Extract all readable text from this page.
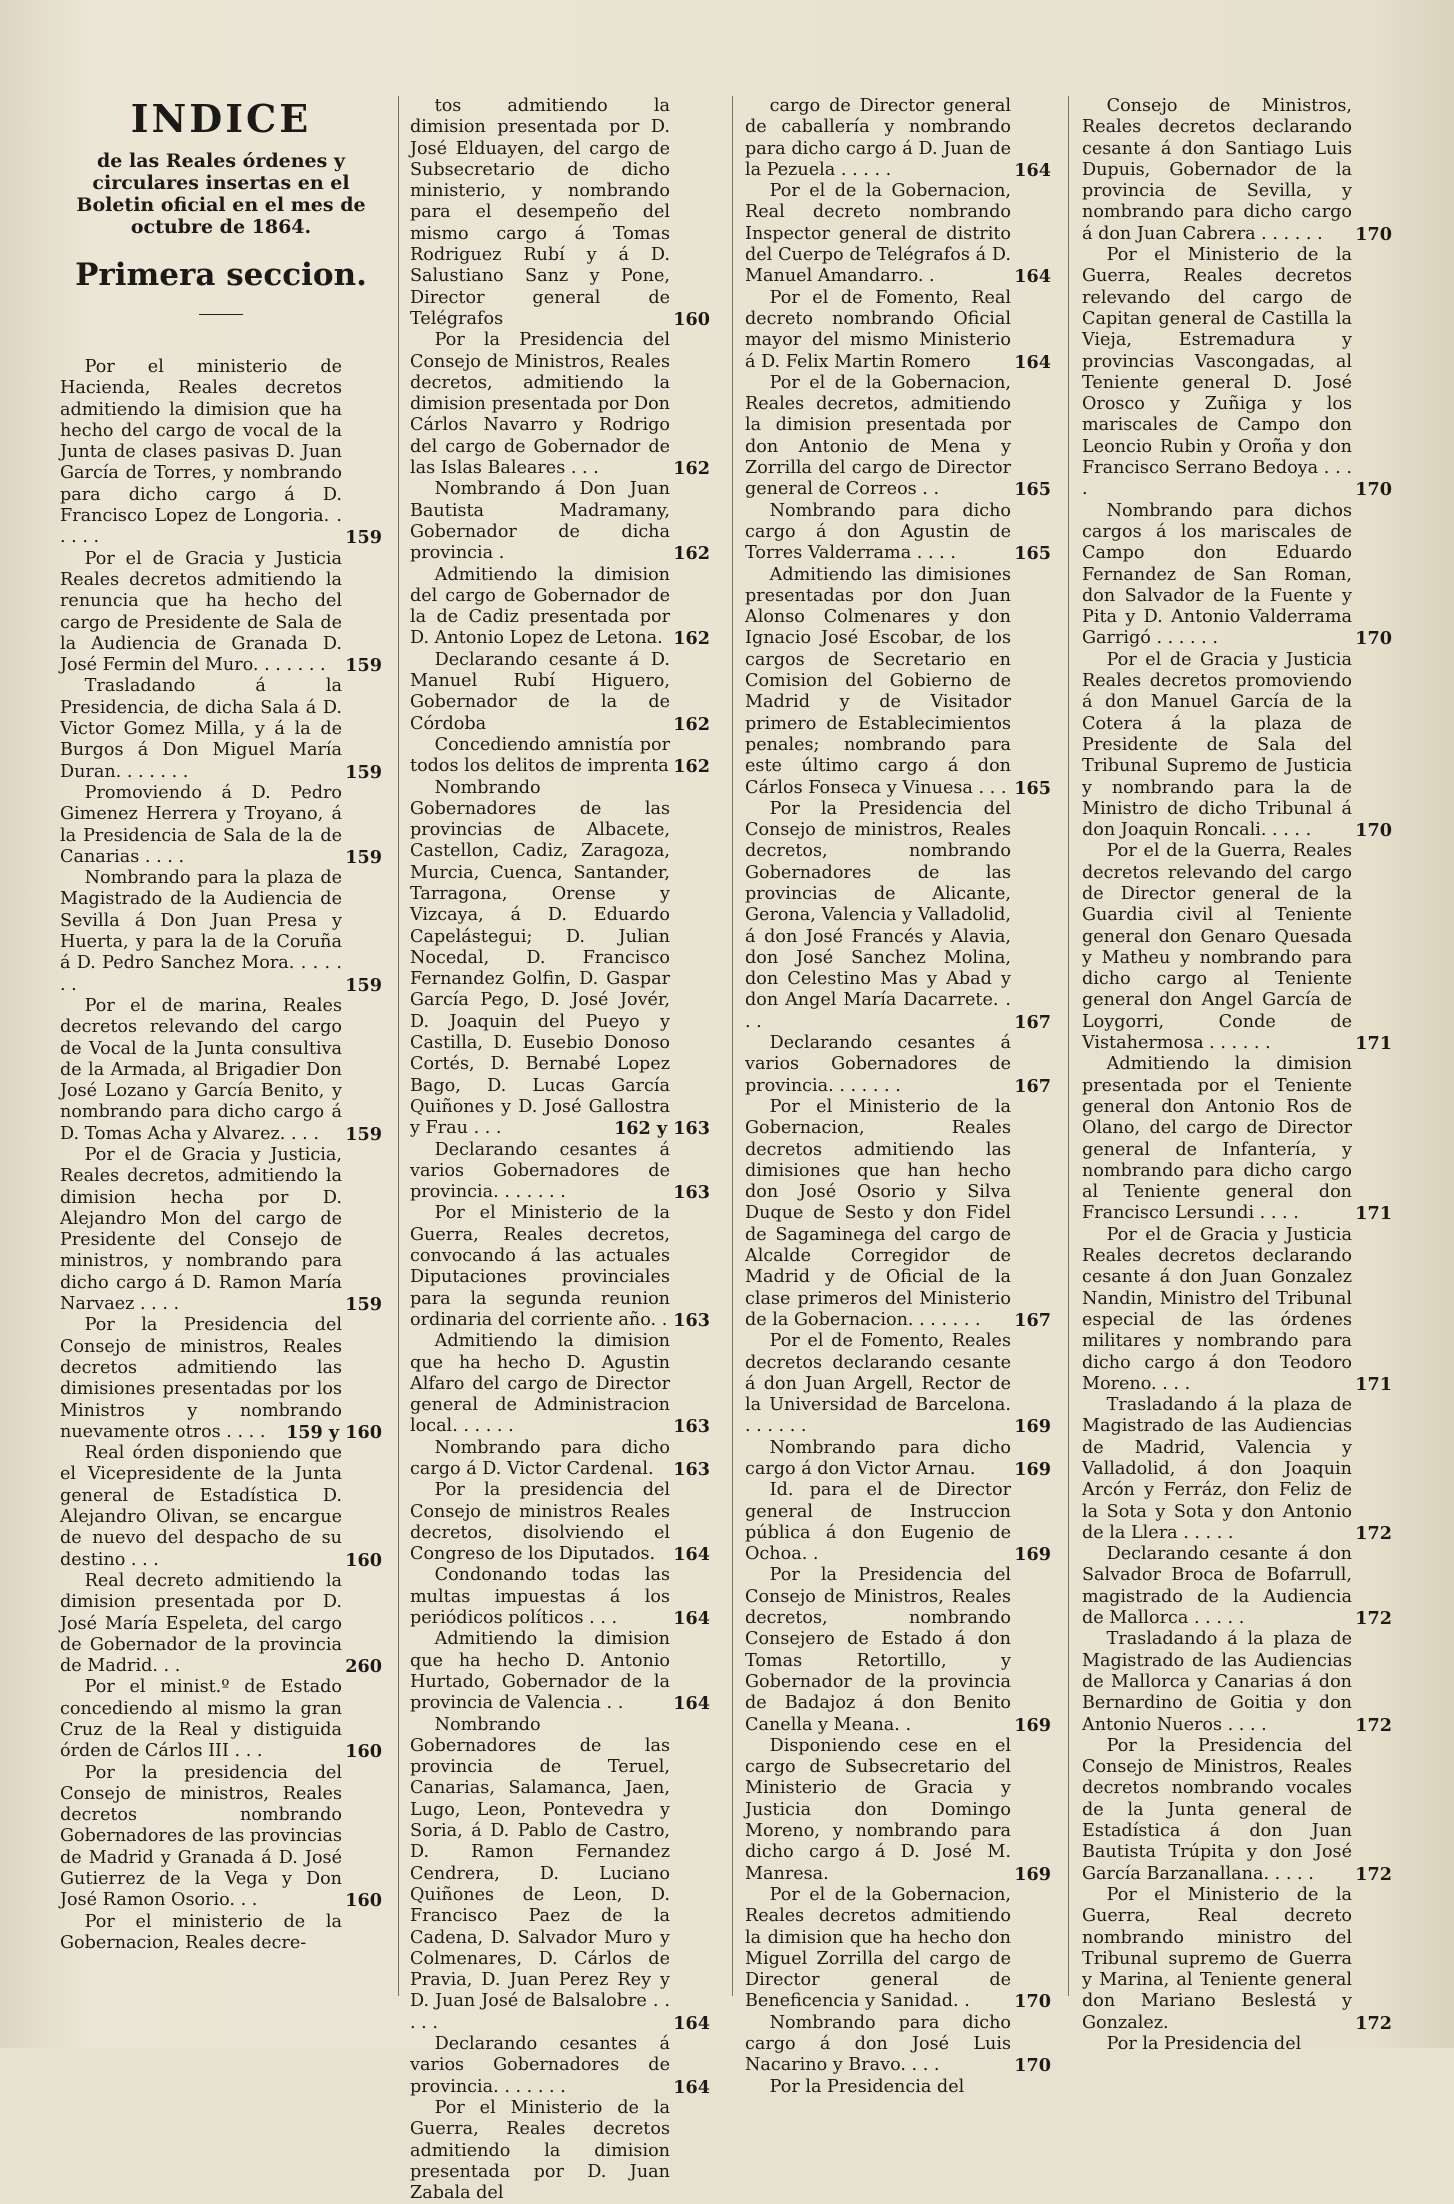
INDICE
de las Reales órdenes y circulares insertas en el Boletin oficial en el mes de octubre de 1864.
Primera seccion.
Por el ministerio de Hacienda, Reales decretos admitiendo la dimision que ha hecho del cargo de vocal de la Junta de clases pasivas D. Juan García de Torres, y nombrando para dicho cargo á D. Francisco Lopez de Longoria. . . . . .	159
Por el de Gracia y Justicia Reales decretos admitiendo la renuncia que ha hecho del cargo de Presidente de Sala de la Audiencia de Granada D. José Fermin del Muro. . . . . . .	159
Trasladando á la Presidencia, de dicha Sala á D. Victor Gomez Milla, y á la de Burgos á Don Miguel María Duran. . . . . . .	159
Promoviendo á D. Pedro Gimenez Herrera y Troyano, á la Presidencia de Sala de la de Canarias . . . .	159
Nombrando para la plaza de Magistrado de la Audiencia de Sevilla á Don Juan Presa y Huerta, y para la de la Coruña á D. Pedro Sanchez Mora. . . . . . .	159
Por el de marina, Reales decretos relevando del cargo de Vocal de la Junta consultiva de la Armada, al Brigadier Don José Lozano y García Benito, y nombrando para dicho cargo á D. Tomas Acha y Alvarez. . . .	159
Por el de Gracia y Justicia, Reales decretos, admitiendo la dimision hecha por D. Alejandro Mon del cargo de Presidente del Consejo de ministros, y nombrando para dicho cargo á D. Ramon María Narvaez . . . .	159
Por la Presidencia del Consejo de ministros, Reales decretos admitiendo las dimisiones presentadas por los Ministros y nombrando nuevamente otros . . . .	159 y 160
Real órden disponiendo que el Vicepresidente de la Junta general de Estadística D. Alejandro Olivan, se encargue de nuevo del despacho de su destino . . .	160
Real decreto admitiendo la dimision presentada por D. José María Espeleta, del cargo de Gobernador de la provincia de Madrid. . .	260
Por el minist.º de Estado concediendo al mismo la gran Cruz de la Real y distiguida órden de Cárlos III . . .	160
Por la presidencia del Consejo de ministros, Reales decretos nombrando Gobernadores de las provincias de Madrid y Granada á D. José Gutierrez de la Vega y Don José Ramon Osorio. . .	160
Por el ministerio de la Gobernacion, Reales decre-
tos admitiendo la dimision presentada por D. José Elduayen, del cargo de Subsecretario de dicho ministerio, y nombrando para el desempeño del mismo cargo á Tomas Rodriguez Rubí y á D. Salustiano Sanz y Pone, Director general de Telégrafos	160
Por la Presidencia del Consejo de Ministros, Reales decretos, admitiendo la dimision presentada por Don Cárlos Navarro y Rodrigo del cargo de Gobernador de las Islas Baleares . . .	162
Nombrando á Don Juan Bautista Madramany, Gobernador de dicha provincia .	162
Admitiendo la dimision del cargo de Gobernador de la de Cadiz presentada por D. Antonio Lopez de Letona. 162
Declarando cesante á D. Manuel Rubí Higuero, Gobernador de la de Córdoba	162
Concediendo amnistía por todos los delitos de imprenta 162
Nombrando Gobernadores de las provincias de Albacete, Castellon, Cadiz, Zaragoza, Murcia, Cuenca, Santander, Tarragona, Orense y Vizcaya, á D. Eduardo Capelástegui; D. Julian Nocedal, D. Francisco Fernandez Golfin, D. Gaspar García Pego, D. José Jovér, D. Joaquin del Pueyo y Castilla, D. Eusebio Donoso Cortés, D. Bernabé Lopez Bago, D. Lucas García Quiñones y D. José Gallostra y Frau . . .	162 y 163
Declarando cesantes á varios Gobernadores de provincia. . . . . . .	163
Por el Ministerio de la Guerra, Reales decretos, convocando á las actuales Diputaciones provinciales para la segunda reunion ordinaria del corriente año. . 163
Admitiendo la dimision que ha hecho D. Agustin Alfaro del cargo de Director general de Administracion local. . . . . .	163
Nombrando para dicho cargo á D. Victor Cardenal.	163
Por la presidencia del Consejo de ministros Reales decretos, disolviendo el Congreso de los Diputados.	164
Condonando todas las multas impuestas á los periódicos políticos . . .	164
Admitiendo la dimision que ha hecho D. Antonio Hurtado, Gobernador de la provincia de Valencia . .	164
Nombrando Gobernadores de las provincia de Teruel, Canarias, Salamanca, Jaen, Lugo, Leon, Pontevedra y Soria, á D. Pablo de Castro, D. Ramon Fernandez Cendrera, D. Luciano Quiñones de Leon, D. Francisco Paez de la Cadena, D. Salvador Muro y Colmenares, D. Cárlos de Pravia, D. Juan Perez Rey y D. Juan José de Balsalobre . . . . .	164
Declarando cesantes á varios Gobernadores de provincia. . . . . . .	164
Por el Ministerio de la Guerra, Reales decretos admitiendo la dimision presentada por D. Juan Zabala del
cargo de Director general de caballería y nombrando para dicho cargo á D. Juan de la Pezuela . . . . .	164
Por el de la Gobernacion, Real decreto nombrando Inspector general de distrito del Cuerpo de Telégrafos á D. Manuel Amandarro. .	164
Por el de Fomento, Real decreto nombrando Oficial mayor del mismo Ministerio á D. Felix Martin Romero	164
Por el de la Gobernacion, Reales decretos, admitiendo la dimision presentada por don Antonio de Mena y Zorrilla del cargo de Director general de Correos . .	165
Nombrando para dicho cargo á don Agustin de Torres Valderrama . . . .	165
Admitiendo las dimisiones presentadas por don Juan Alonso Colmenares y don Ignacio José Escobar, de los cargos de Secretario en Comision del Gobierno de Madrid y de Visitador primero de Establecimientos penales; nombrando para este último cargo á don Cárlos Fonseca y Vinuesa . . . 165
Por la Presidencia del Consejo de ministros, Reales decretos, nombrando Gobernadores de las provincias de Alicante, Gerona, Valencia y Valladolid, á don José Francés y Alavia, don José Sanchez Molina, don Celestino Mas y Abad y don Angel María Dacarrete. . . .	167
Declarando cesantes á varios Gobernadores de provincia. . . . . . .	167
Por el Ministerio de la Gobernacion, Reales decretos admitiendo las dimisiones que han hecho don José Osorio y Silva Duque de Sesto y don Fidel de Sagaminega del cargo de Alcalde Corregidor de Madrid y de Oficial de la clase primeros del Ministerio de la Gobernacion. . . . . . .	167
Por el de Fomento, Reales decretos declarando cesante á don Juan Argell, Rector de la Universidad de Barcelona. . . . . . .	169
Nombrando para dicho cargo á don Victor Arnau.	169
Id. para el de Director general de Instruccion pública á don Eugenio de Ochoa. .	169
Por la Presidencia del Consejo de Ministros, Reales decretos, nombrando Consejero de Estado á don Tomas Retortillo, y Gobernador de la provincia de Badajoz á don Benito Canella y Meana. .	169
Disponiendo cese en el cargo de Subsecretario del Ministerio de Gracia y Justicia don Domingo Moreno, y nombrando para dicho cargo á D. José M. Manresa.	169
Por el de la Gobernacion, Reales decretos admitiendo la dimision que ha hecho don Miguel Zorrilla del cargo de Director general de Beneficencia y Sanidad. .	170
Nombrando para dicho cargo á don José Luis Nacarino y Bravo. . . .	170
Por la Presidencia del
Consejo de Ministros, Reales decretos declarando cesante á don Santiago Luis Dupuis, Gobernador de la provincia de Sevilla, y nombrando para dicho cargo á don Juan Cabrera . . . . . .	170
Por el Ministerio de la Guerra, Reales decretos relevando del cargo de Capitan general de Castilla la Vieja, Estremadura y provincias Vascongadas, al Teniente general D. José Orosco y Zuñiga y los mariscales de Campo don Leoncio Rubin y Oroña y don Francisco Serrano Bedoya . . . .	170
Nombrando para dichos cargos á los mariscales de Campo don Eduardo Fernandez de San Roman, don Salvador de la Fuente y Pita y D. Antonio Valderrama Garrigó . . . . . .	170
Por el de Gracia y Justicia Reales decretos promoviendo á don Manuel García de la Cotera á la plaza de Presidente de Sala del Tribunal Supremo de Justicia y nombrando para la de Ministro de dicho Tribunal á don Joaquin Roncali. . . . .	170
Por el de la Guerra, Reales decretos relevando del cargo de Director general de la Guardia civil al Teniente general don Genaro Quesada y Matheu y nombrando para dicho cargo al Teniente general don Angel García de Loygorri, Conde de Vistahermosa . . . . . .	171
Admitiendo la dimision presentada por el Teniente general don Antonio Ros de Olano, del cargo de Director general de Infantería, y nombrando para dicho cargo al Teniente general don Francisco Lersundi . . . .	171
Por el de Gracia y Justicia Reales decretos declarando cesante á don Juan Gonzalez Nandin, Ministro del Tribunal especial de las órdenes militares y nombrando para dicho cargo á don Teodoro Moreno. . . .	171
Trasladando á la plaza de Magistrado de las Audiencias de Madrid, Valencia y Valladolid, á don Joaquin Arcón y Ferráz, don Feliz de la Sota y Sota y don Antonio de la Llera . . . . .	172
Declarando cesante á don Salvador Broca de Bofarrull, magistrado de la Audiencia de Mallorca . . . . .	172
Trasladando á la plaza de Magistrado de las Audiencias de Mallorca y Canarias á don Bernardino de Goitia y don Antonio Nueros . . . .	172
Por la Presidencia del Consejo de Ministros, Reales decretos nombrando vocales de la Junta general de Estadística á don Juan Bautista Trúpita y don José García Barzanallana. . . . .	172
Por el Ministerio de la Guerra, Real decreto nombrando ministro del Tribunal supremo de Guerra y Marina, al Teniente general don Mariano Beslestá y Gonzalez.	172
Por la Presidencia del
